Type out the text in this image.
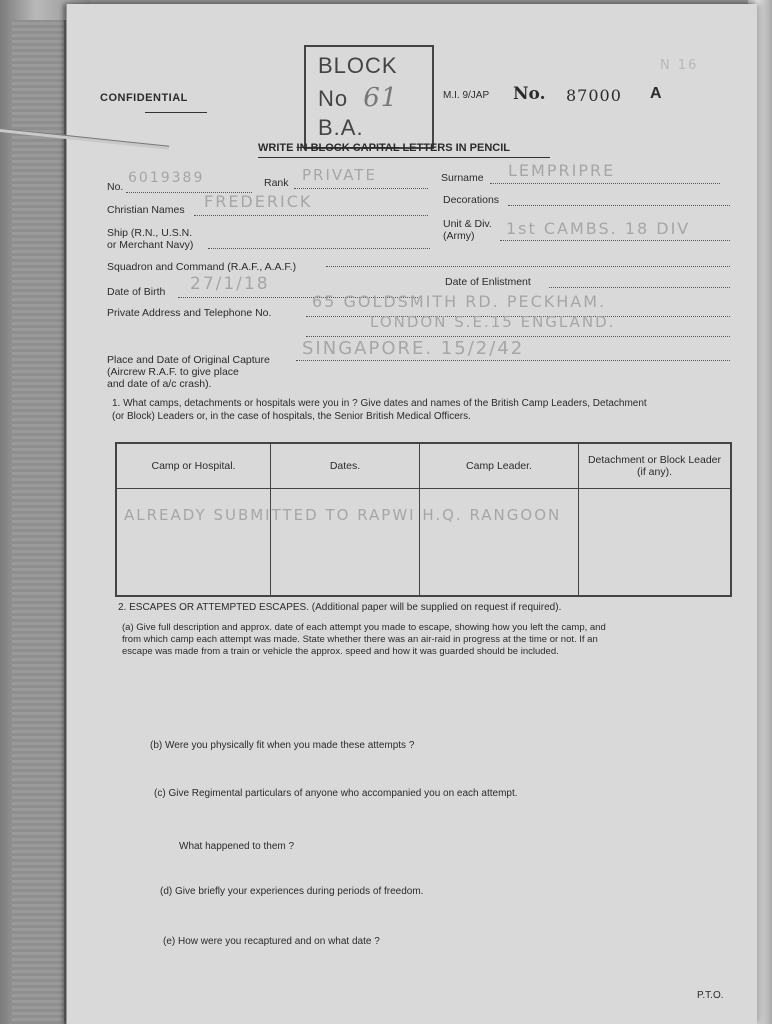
CONFIDENTIAL
BLOCK
No 61
B.A.
M.I. 9/JAP No. 87000 A
N 16
WRITE IN BLOCK CAPITAL LETTERS IN PENCIL
No.
6019389	Rank PRIVATE	Surname LEMPRIPRE
Christian Names FREDERICK	Decorations
Ship (R.N., U.S.N.
or Merchant Navy)
Unit & Div.
(Army) 1st CAMBS. 18 DIV
Squadron and Command (R.A.F., A.A.F.)
Date of Birth 27/1/18	Date of Enlistment
Private Address and Telephone No.
65 GOLDSMITH RD. PECKHAM.
LONDON S.E.15 ENGLAND.
Place and Date of Original Capture
(Aircrew R.A.F. to give place
and date of a/c crash).
SINGAPORE. 15/2/42
1. What camps, detachments or hospitals were you in ? Give dates and names of the British Camp Leaders, Detachment
(or Block) Leaders or, in the case of hospitals, the Senior British Medical Officers.
Camp or Hospital.	Dates.	Camp Leader.	Detachment or Block Leader (if any).

ALREADY SUBMITTED TO RAPWI H.Q. RANGOON
2. ESCAPES OR ATTEMPTED ESCAPES. (Additional paper will be supplied on request if required).
(a) Give full description and approx. date of each attempt you made to escape, showing how you left the camp, and
from which camp each attempt was made. State whether there was an air-raid in progress at the time or not. If an
escape was made from a train or vehicle the approx. speed and how it was guarded should be included.
(b) Were you physically fit when you made these attempts ?
(c) Give Regimental particulars of anyone who accompanied you on each attempt.
What happened to them ?
(d) Give briefly your experiences during periods of freedom.
(e) How were you recaptured and on what date ?
P.T.O.
